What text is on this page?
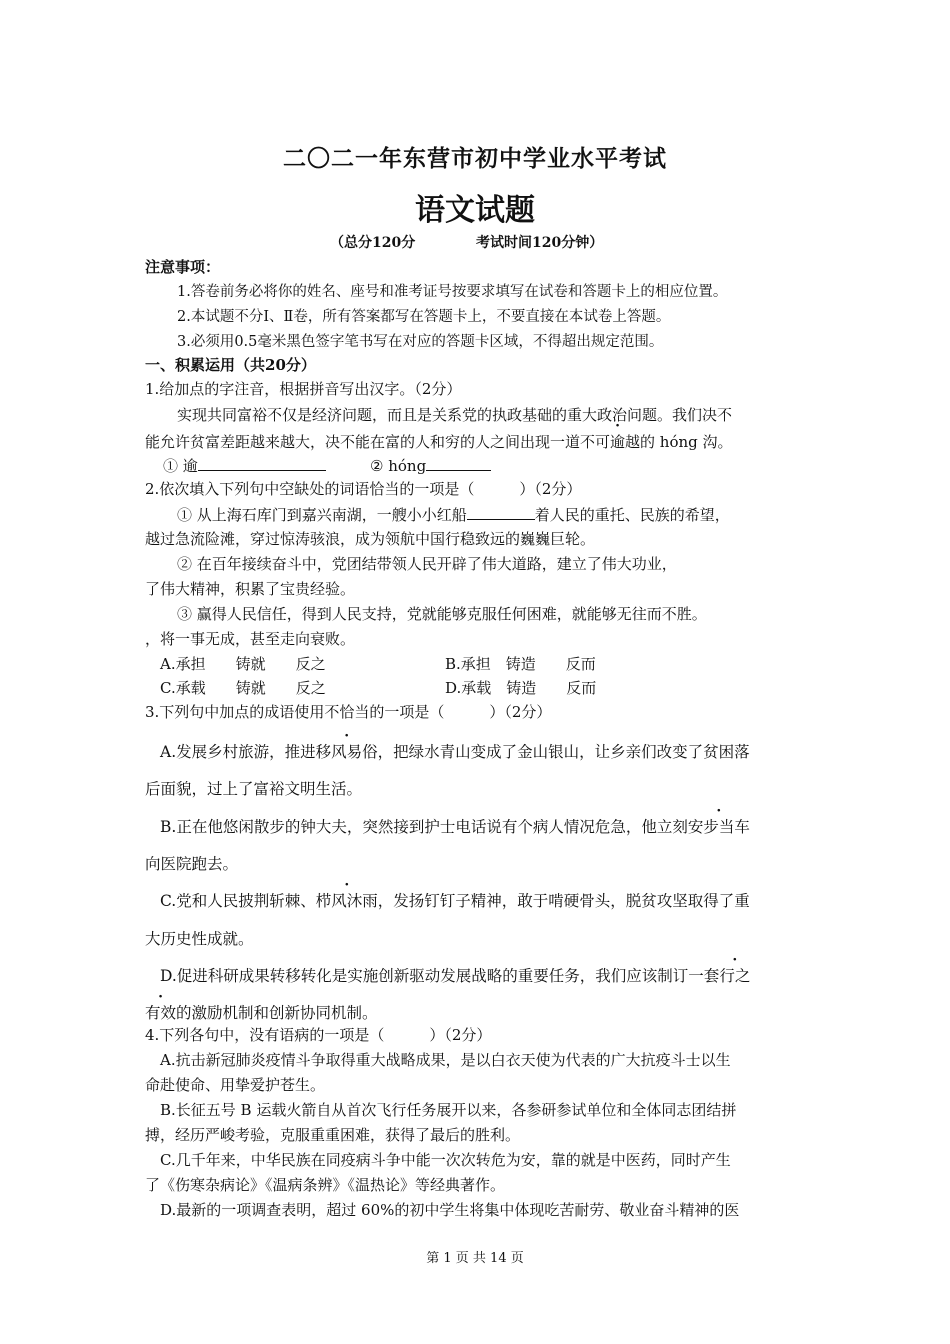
二〇二一年东营市初中学业水平考试
语文试题
（总分120分	考试时间120分钟）
注意事项：
1.答卷前务必将你的姓名、座号和准考证号按要求填写在试卷和答题卡上的相应位置。
2.本试题不分Ⅰ、Ⅱ卷，所有答案都写在答题卡上，不要直接在本试卷上答题。
3.必须用0.5毫米黑色签字笔书写在对应的答题卡区域，不得超出规定范围。
一、积累运用（共20分）
1.给加点的字注音，根据拼音写出汉字。（2分）
实现共同富裕不仅是经济问题，而且是关系党的执政基础的重大政治问题。我们决不
能允许贫富差距越来越大，决不能在富的人和穷的人之间出现一道不可逾越的 hóng 沟。
① 逾	② hóng
2.依次填入下列句中空缺处的词语恰当的一项是（　　　）（2分）
① 从上海石库门到嘉兴南湖，一艘小小红船	着人民的重托、民族的希望，
越过急流险滩，穿过惊涛骇浪，成为领航中国行稳致远的巍巍巨轮。
② 在百年接续奋斗中，党团结带领人民开辟了伟大道路，建立了伟大功业，
了伟大精神，积累了宝贵经验。
③ 赢得人民信任，得到人民支持，党就能够克服任何困难，就能够无往而不胜。
，将一事无成，甚至走向衰败。
A.承担　　铸就　　反之	B.承担　铸造　　反而
C.承载　　铸就　　反之	D.承载　铸造　　反而
3.下列句中加点的成语使用不恰当的一项是（　　　）（2分）
A.发展乡村旅游，推进移风易俗，把绿水青山变成了金山银山，让乡亲们改变了贫困落
后面貌，过上了富裕文明生活。
B.正在他悠闲散步的钟大夫，突然接到护士电话说有个病人情况危急，他立刻安步当车
向医院跑去。
C.党和人民披荆斩棘、栉风沐雨，发扬钉钉子精神，敢于啃硬骨头，脱贫攻坚取得了重
大历史性成就。
D.促进科研成果转移转化是实施创新驱动发展战略的重要任务，我们应该制订一套行之
有效的激励机制和创新协同机制。
4.下列各句中，没有语病的一项是（　　　）（2分）
A.抗击新冠肺炎疫情斗争取得重大战略成果，是以白衣天使为代表的广大抗疫斗士以生
命赴使命、用挚爱护苍生。
B.长征五号 B 运载火箭自从首次飞行任务展开以来，各参研参试单位和全体同志团结拼
搏，经历严峻考验，克服重重困难，获得了最后的胜利。
C.几千年来，中华民族在同疫病斗争中能一次次转危为安，靠的就是中医药，同时产生
了《伤寒杂病论》《温病条辨》《温热论》等经典著作。
D.最新的一项调查表明，超过 60%的初中学生将集中体现吃苦耐劳、敬业奋斗精神的医
第 1 页 共 14 页
